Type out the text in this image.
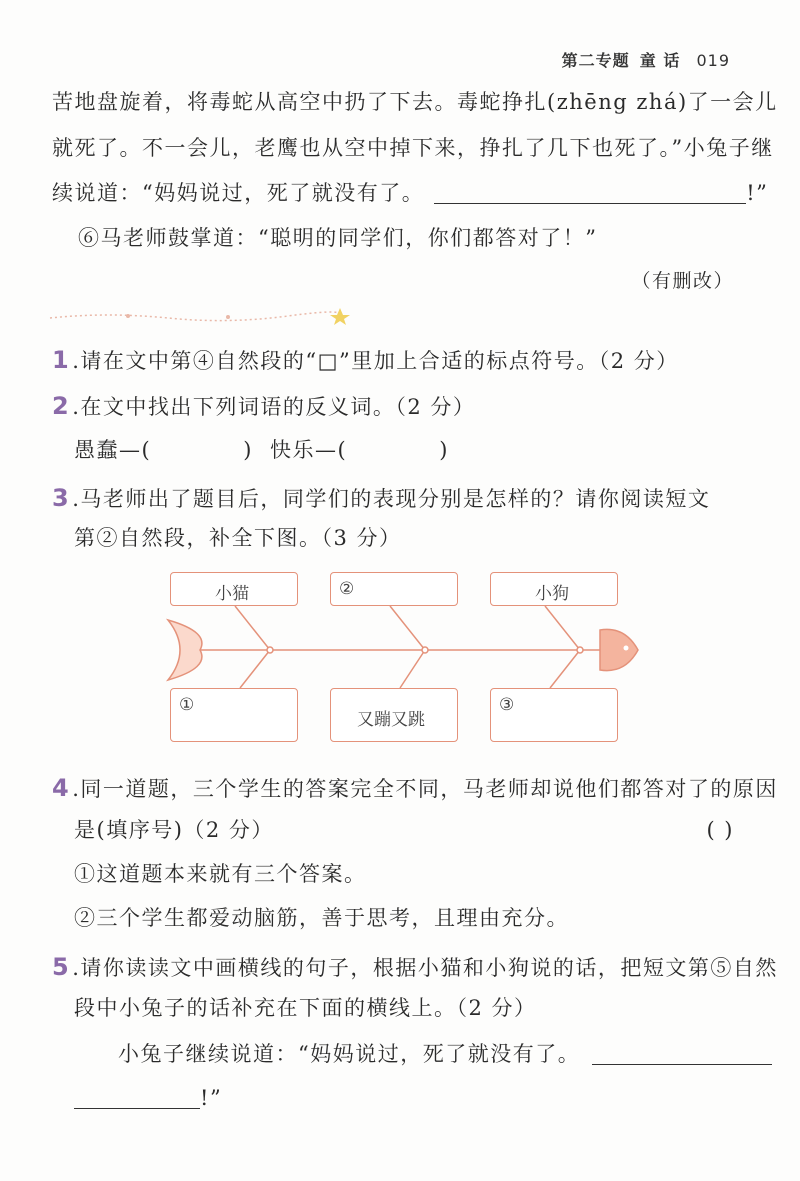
第二专题 童 话 019
苦地盘旋着，将毒蛇从高空中扔了下去。毒蛇挣扎(zhēng zhá)了一会儿
就死了。不一会儿，老鹰也从空中掉下来，挣扎了几下也死了。”小兔子继
续说道：“妈妈说过，死了就没有了。	!”
⑥马老师鼓掌道：“聪明的同学们，你们都答对了！”
（有删改）
1.请在文中第④自然段的“□”里加上合适的标点符号。（2 分）
2.在文中找出下列词语的反义词。（2 分）
愚蠢—(	) 快乐—(	)
3.马老师出了题目后，同学们的表现分别是怎样的？请你阅读短文
第②自然段，补全下图。（3 分）
小猫	②	小狗
①
又蹦又跳
③
4.同一道题，三个学生的答案完全不同，马老师却说他们都答对了的原因
是(填序号)（2 分）	( )
①这道题本来就有三个答案。
②三个学生都爱动脑筋，善于思考，且理由充分。
5.请你读读文中画横线的句子，根据小猫和小狗说的话，把短文第⑤自然
段中小兔子的话补充在下面的横线上。（2 分）
小兔子继续说道：“妈妈说过，死了就没有了。
!”
